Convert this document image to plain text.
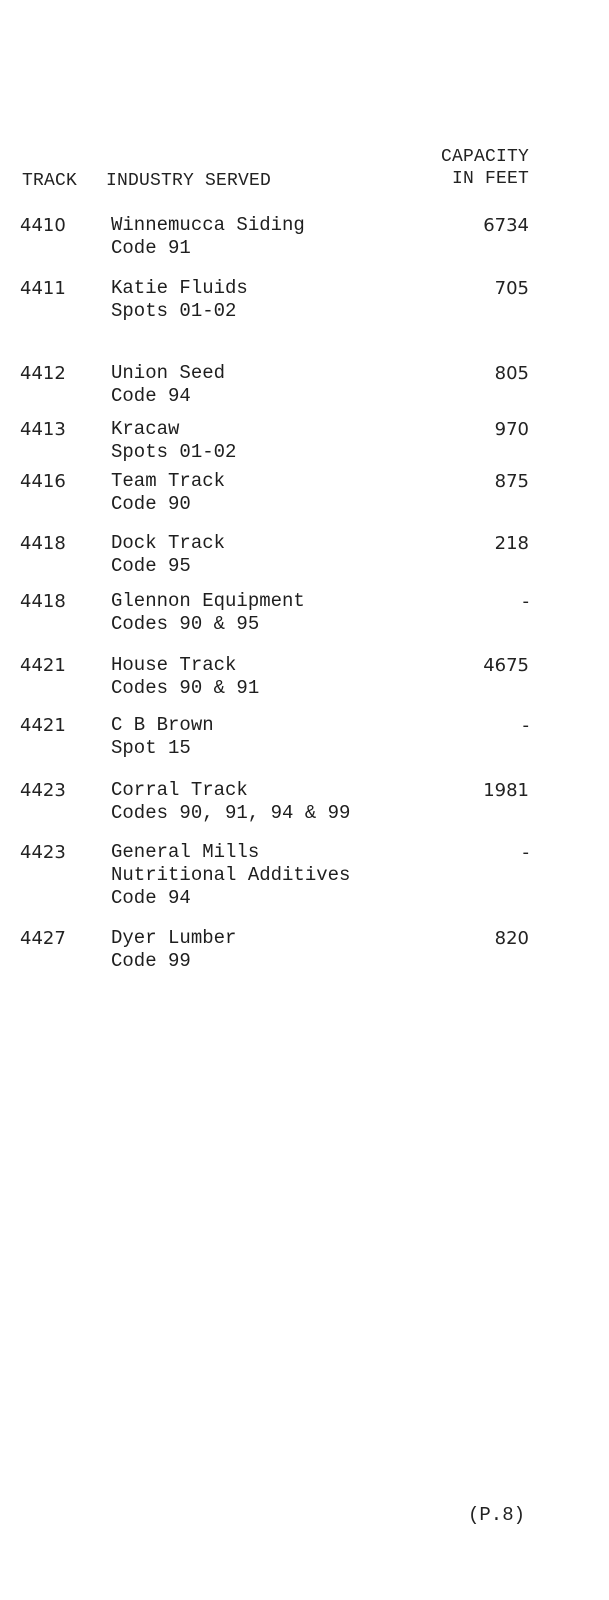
TRACK INDUSTRY SERVED
CAPACITY
IN FEET
4410 Winnemucca Siding
Code 91
6734
4411 Katie Fluids
Spots 01-02
705
4412 Union Seed
Code 94
805
4413 Kracaw
Spots 01-02
970
4416 Team Track
Code 90
875
4418 Dock Track
Code 95
218
4418 Glennon Equipment
Codes 90 & 95
-
4421 House Track
Codes 90 & 91
4675
4421 C B Brown
Spot 15
-
4423 Corral Track
Codes 90, 91, 94 & 99
1981
4423 General Mills
Nutritional Additives
Code 94
-
4427 Dyer Lumber
Code 99
820
(P.8)
